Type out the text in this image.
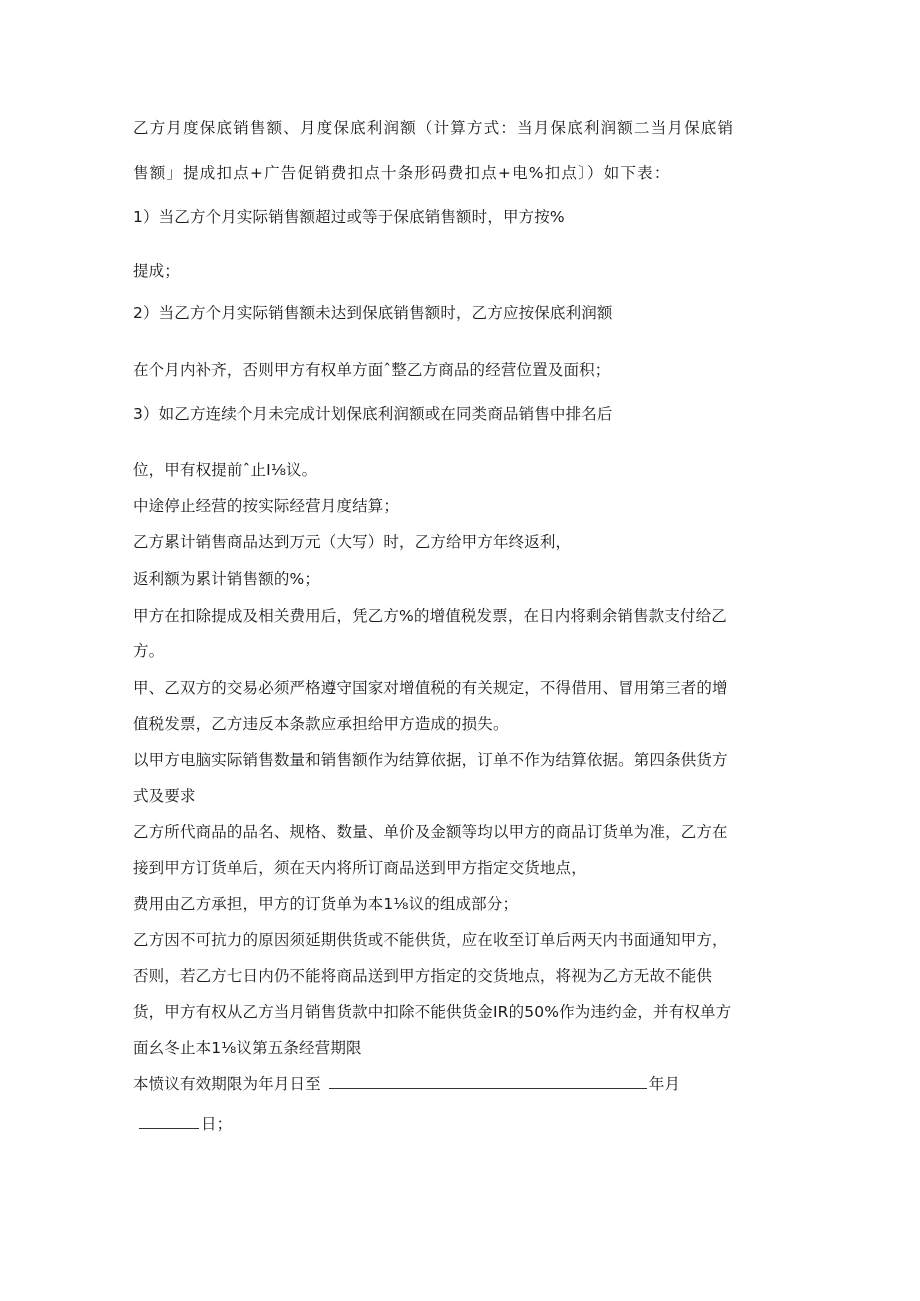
乙方月度保底销售额、月度保底利润额（计算方式：当月保底利润额二当月保底销
售额」提成扣点+广告促销费扣点十条形码费扣点+电%扣点〕）如下表：
1）当乙方个月实际销售额超过或等于保底销售额时，甲方按%
提成；
2）当乙方个月实际销售额未达到保底销售额时，乙方应按保底利润额
在个月内补齐，否则甲方有权单方面ˆ整乙方商品的经营位置及面积；
3）如乙方连续个月未完成计划保底利润额或在同类商品销售中排名后
位，甲有权提前ˆ止I⅛议。
中途停止经营的按实际经营月度结算；
乙方累计销售商品达到万元（大写）时，乙方给甲方年终返利，
返利额为累计销售额的%；
甲方在扣除提成及相关费用后，凭乙方%的增值税发票，在日内将剩余销售款支付给乙
方。
甲、乙双方的交易必须严格遵守国家对增值税的有关规定，不得借用、冒用第三者的增
值税发票，乙方违反本条款应承担给甲方造成的损失。
以甲方电脑实际销售数量和销售额作为结算依据，订单不作为结算依据。第四条供货方
式及要求
乙方所代商品的品名、规格、数量、单价及金额等均以甲方的商品订货单为准，乙方在
接到甲方订货单后，须在天内将所订商品送到甲方指定交货地点，
费用由乙方承担，甲方的订货单为本1⅛议的组成部分；
乙方因不可抗力的原因须延期供货或不能供货，应在收至订单后两天内书面通知甲方，
否则，若乙方七日内仍不能将商品送到甲方指定的交货地点，将视为乙方无故不能供
货，甲方有权从乙方当月销售货款中扣除不能供货金IR的50%作为违约金，并有权单方
面幺冬止本1⅛议第五条经营期限
本愤议有效期限为年月日至	年月
日；
